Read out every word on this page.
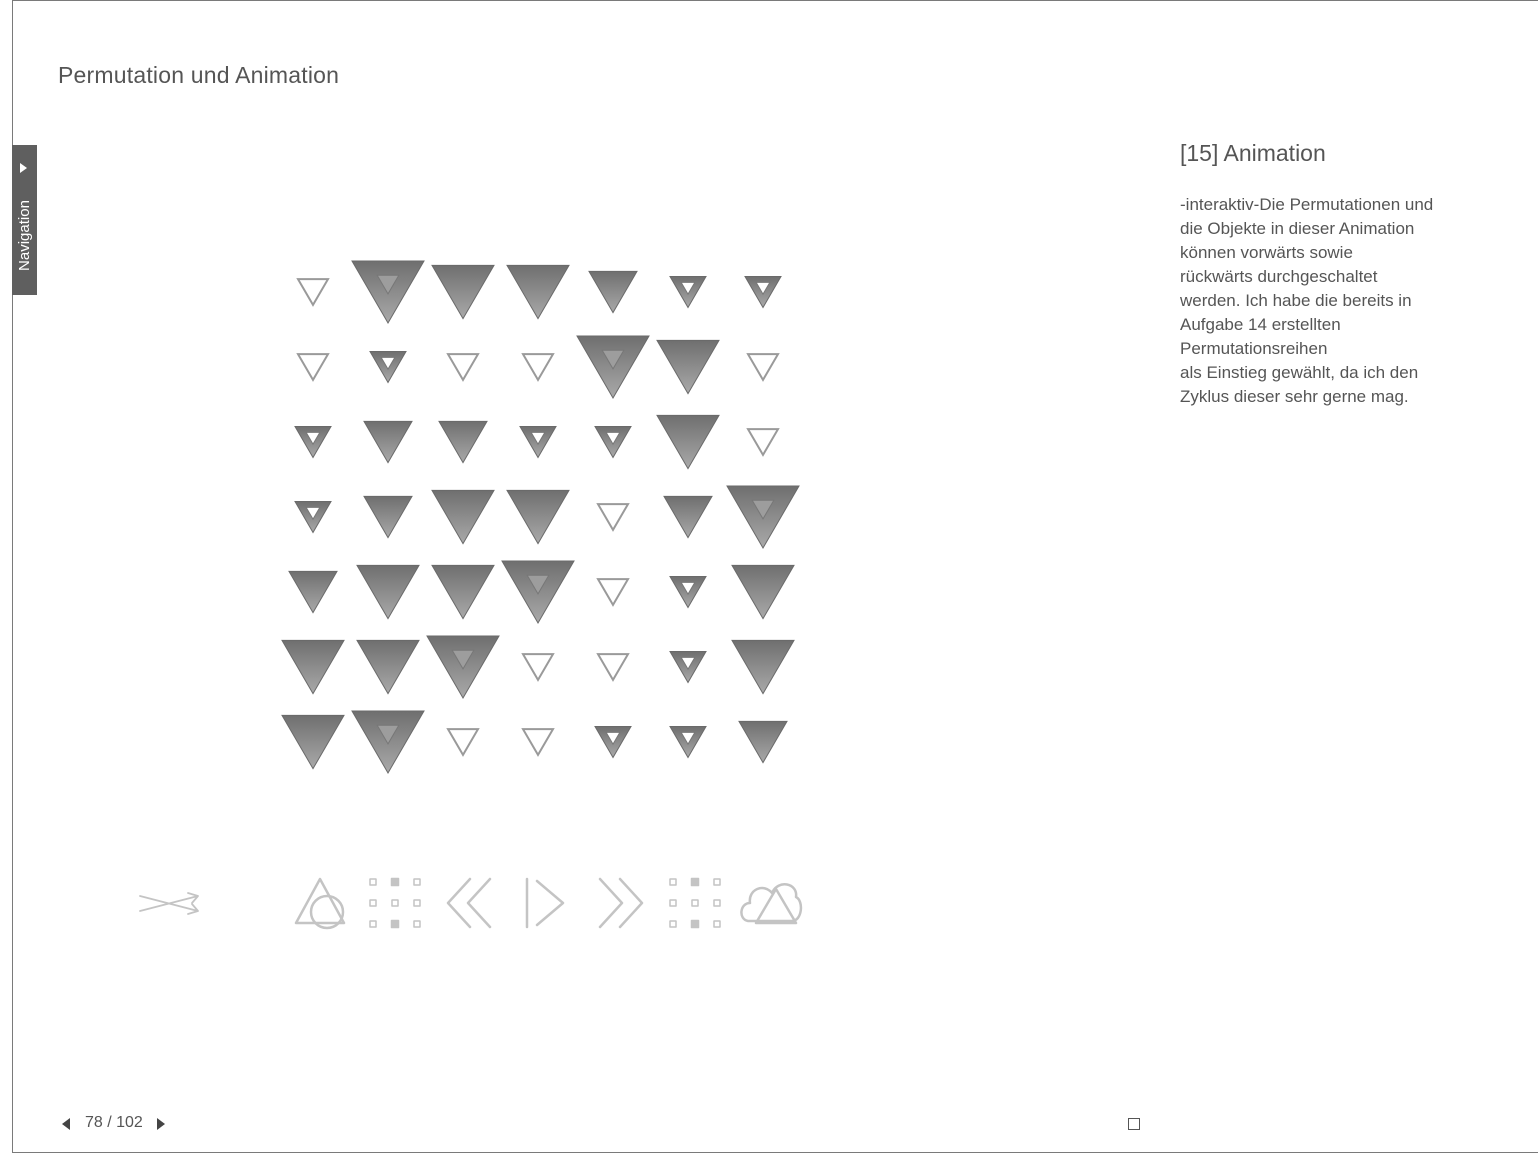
Permutation und Animation
Navigation
[15] Animation

-interaktiv-Die Permutationen und

die Objekte in dieser Animation

können vorwärts sowie

rückwärts durchgeschaltet

werden. Ich habe die bereits in

Aufgabe 14 erstellten

Permutationsreihen

als Einstieg gewählt, da ich den

Zyklus dieser sehr gerne mag.

78 / 102
